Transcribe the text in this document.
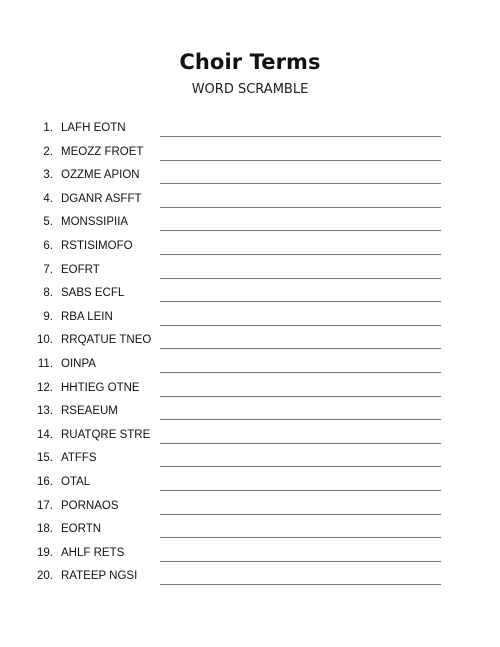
Choir Terms
WORD SCRAMBLE
1. LAFH EOTN
2. MEOZZ FROET
3. OZZME APION
4. DGANR ASFFT
5. MONSSIPIIA
6. RSTISIMOFO
7. EOFRT
8. SABS ECFL
9. RBA LEIN
10. RRQATUE TNEO
11. OINPA
12. HHTIEG OTNE
13. RSEAEUM
14. RUATQRE STRE
15. ATFFS
16. OTAL
17. PORNAOS
18. EORTN
19. AHLF RETS
20. RATEEP NGSI
